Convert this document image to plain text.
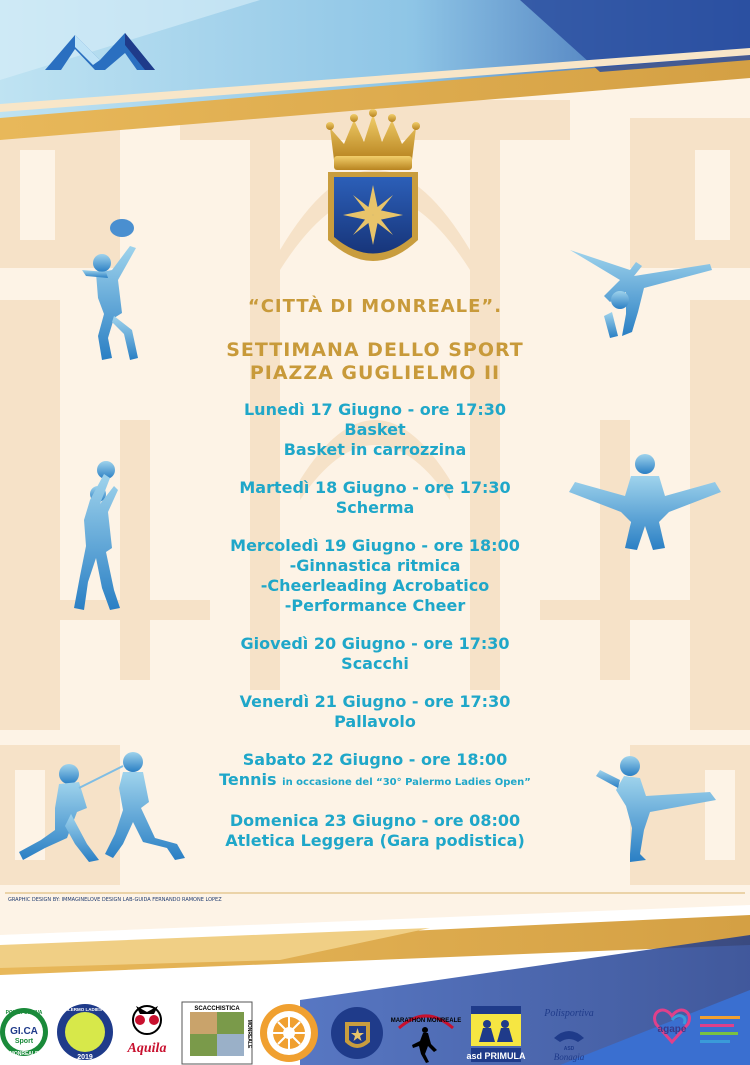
“CITTÀ DI MONREALE”.
SETTIMANA DELLO SPORT
PIAZZA GUGLIELMO II
Lunedì 17 Giugno - ore 17:30
Basket
Basket in carrozzina
Martedì 18 Giugno - ore 17:30
Scherma
Mercoledì 19 Giugno - ore 18:00
-Ginnastica ritmica
-Cheerleading Acrobatico
-Performance Cheer
Giovedì 20 Giugno - ore 17:30
Scacchi
Venerdì 21 Giugno - ore 17:30
Pallavolo
Sabato 22 Giugno - ore 18:00
Tennis in occasione del “30° Palermo Ladies Open”
Domenica 23 Giugno - ore 08:00
Atletica Leggera (Gara podistica)
GRAPHIC DESIGN BY: IMMAGINELOVE DESIGN LAB-GUIDA FERNANDO RAMONE LOPEZ
POLISPORTIVA
GI.CA
Sport
MONREALE
30° PALERMO LADIES OPEN
2019
Aquila
SCACCHISTICA
MONREALE	MARATHON MONREALE
asd PRIMULA
Polisportiva
ASD
Bonagia
agape
